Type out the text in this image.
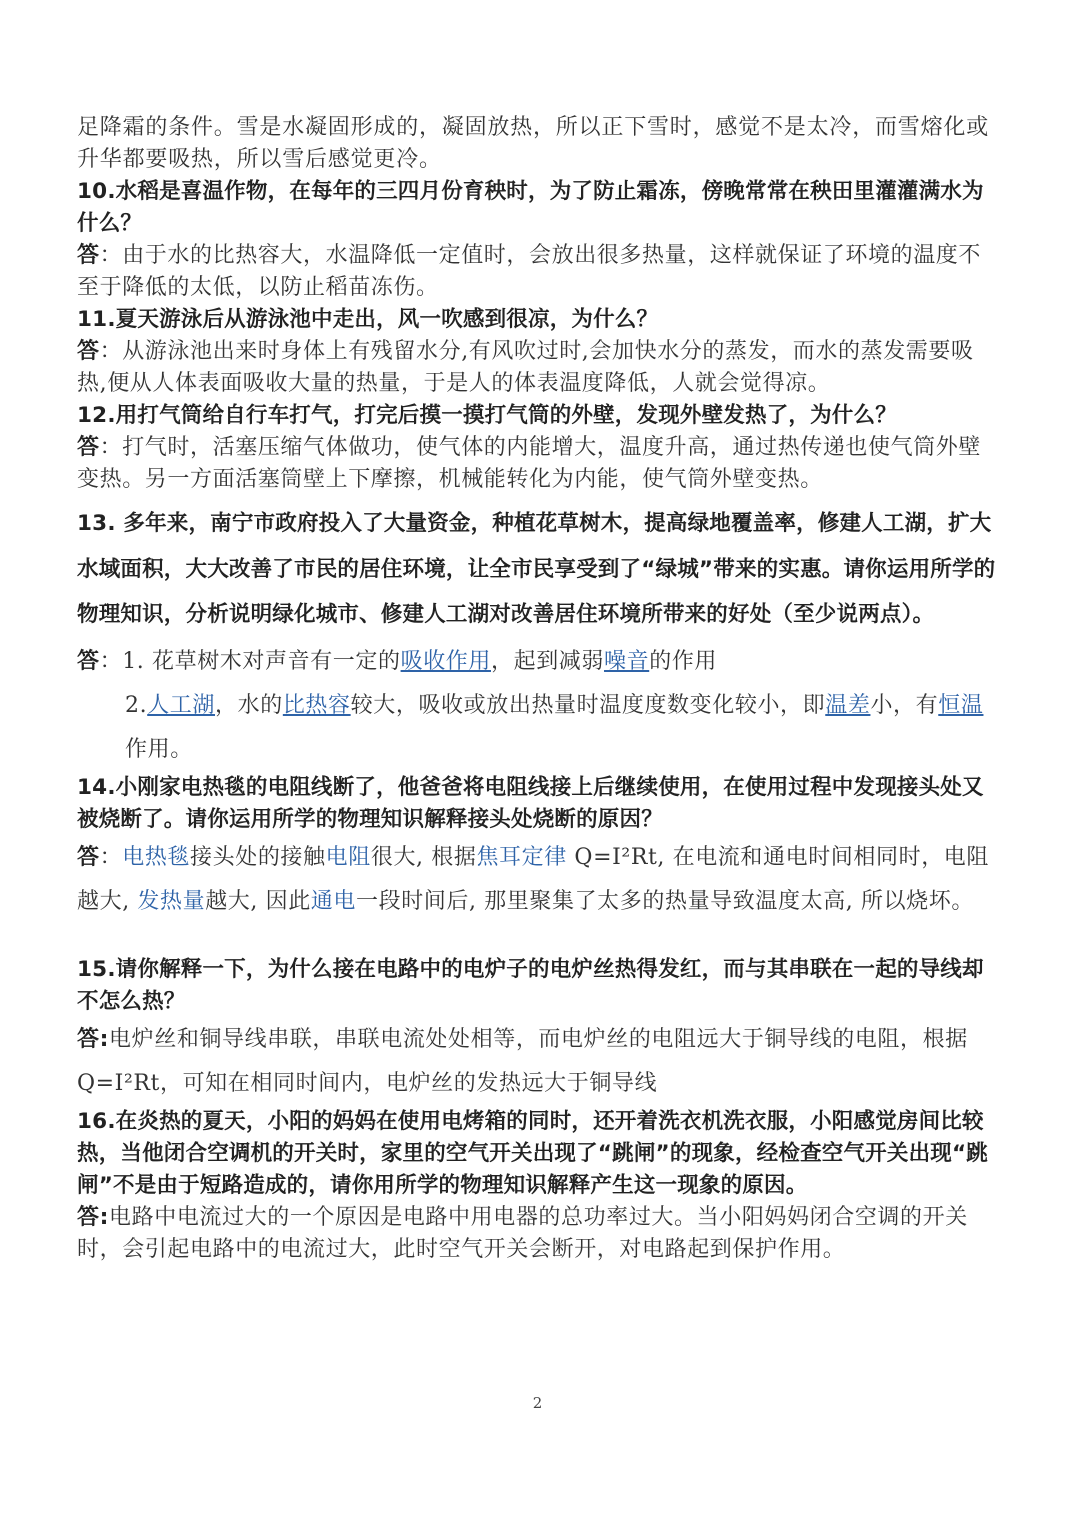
足降霜的条件。雪是水凝固形成的，凝固放热，所以正下雪时，感觉不是太冷，而雪熔化或升华都要吸热，所以雪后感觉更冷。

10.水稻是喜温作物，在每年的三四月份育秧时，为了防止霜冻，傍晚常常在秧田里灌灌满水为什么？

答：由于水的比热容大，水温降低一定值时，会放出很多热量，这样就保证了环境的温度不至于降低的太低，以防止稻苗冻伤。

11.夏天游泳后从游泳池中走出，风一吹感到很凉，为什么？

答：从游泳池出来时身体上有残留水分,有风吹过时,会加快水分的蒸发，而水的蒸发需要吸热,便从人体表面吸收大量的热量，于是人的体表温度降低，人就会觉得凉。

12.用打气筒给自行车打气，打完后摸一摸打气筒的外壁，发现外壁发热了，为什么？

答：打气时，活塞压缩气体做功，使气体的内能增大，温度升高，通过热传递也使气筒外壁变热。另一方面活塞筒壁上下摩擦，机械能转化为内能，使气筒外壁变热。

13. 多年来，南宁市政府投入了大量资金，种植花草树木，提高绿地覆盖率，修建人工湖，扩大水域面积，大大改善了市民的居住环境，让全市民享受到了“绿城”带来的实惠。请你运用所学的物理知识，分析说明绿化城市、修建人工湖对改善居住环境所带来的好处（至少说两点）。

答：1. 花草树木对声音有一定的吸收作用，起到减弱噪音的作用

2.人工湖，水的比热容较大，吸收或放出热量时温度度数变化较小，即温差小，有恒温作用。

14.小刚家电热毯的电阻线断了，他爸爸将电阻线接上后继续使用，在使用过程中发现接头处又被烧断了。请你运用所学的物理知识解释接头处烧断的原因？

答：电热毯接头处的接触电阻很大, 根据焦耳定律 Q=I²Rt, 在电流和通电时间相同时，电阻越大, 发热量越大, 因此通电一段时间后, 那里聚集了太多的热量导致温度太高, 所以烧坏。

15.请你解释一下，为什么接在电路中的电炉子的电炉丝热得发红，而与其串联在一起的导线却不怎么热？

答:电炉丝和铜导线串联，串联电流处处相等，而电炉丝的电阻远大于铜导线的电阻，根据 Q=I²Rt，可知在相同时间内，电炉丝的发热远大于铜导线

16.在炎热的夏天，小阳的妈妈在使用电烤箱的同时，还开着洗衣机洗衣服，小阳感觉房间比较热，当他闭合空调机的开关时，家里的空气开关出现了“跳闸”的现象，经检查空气开关出现“跳闸”不是由于短路造成的，请你用所学的物理知识解释产生这一现象的原因。

答:电路中电流过大的一个原因是电路中用电器的总功率过大。当小阳妈妈闭合空调的开关时，会引起电路中的电流过大，此时空气开关会断开，对电路起到保护作用。

2
